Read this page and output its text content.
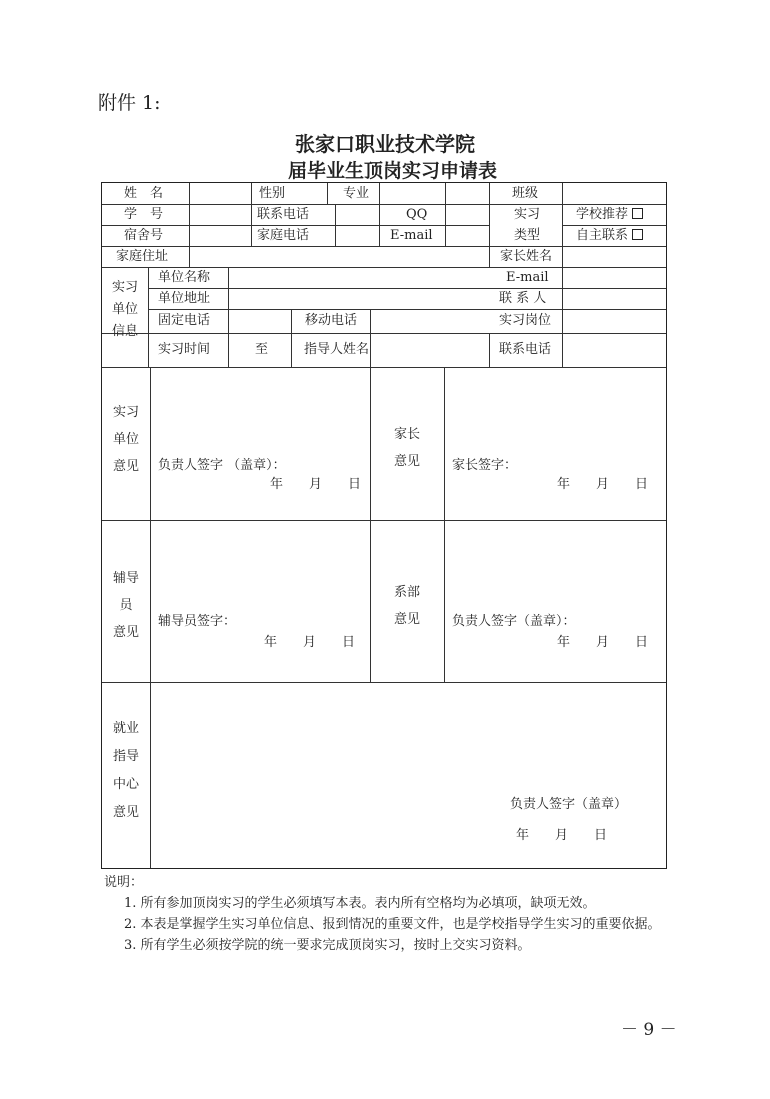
附件 1:
张家口职业技术学院
届毕业生顶岗实习申请表
姓　名	性别	专业	班级
学　号	联系电话	QQ	实习	学校推荐
宿舍号	家庭电话	E-mail	类型	自主联系
家庭住址	家长姓名
实习
单位
信息
单位名称	E-mail
单位地址	联 系 人
固定电话	移动电话	实习岗位
实习时间	至	指导人姓名	联系电话
实习
单位
意见	负责人签字 （盖章）：
年　　月　　日
家长
意见	家长签字：
年　　月　　日
辅导
员
意见
辅导员签字：
年　　月　　日
系部
意见	负责人签字（盖章）：
年　　月　　日
就业
指导
中心
意见
负责人签字（盖章）
年　　月　　日
说明：
1. 所有参加顶岗实习的学生必须填写本表。表内所有空格均为必填项，缺项无效。
2. 本表是掌握学生实习单位信息、报到情况的重要文件，也是学校指导学生实习的重要依据。
3. 所有学生必须按学院的统一要求完成顶岗实习，按时上交实习资料。
－ 9 －
